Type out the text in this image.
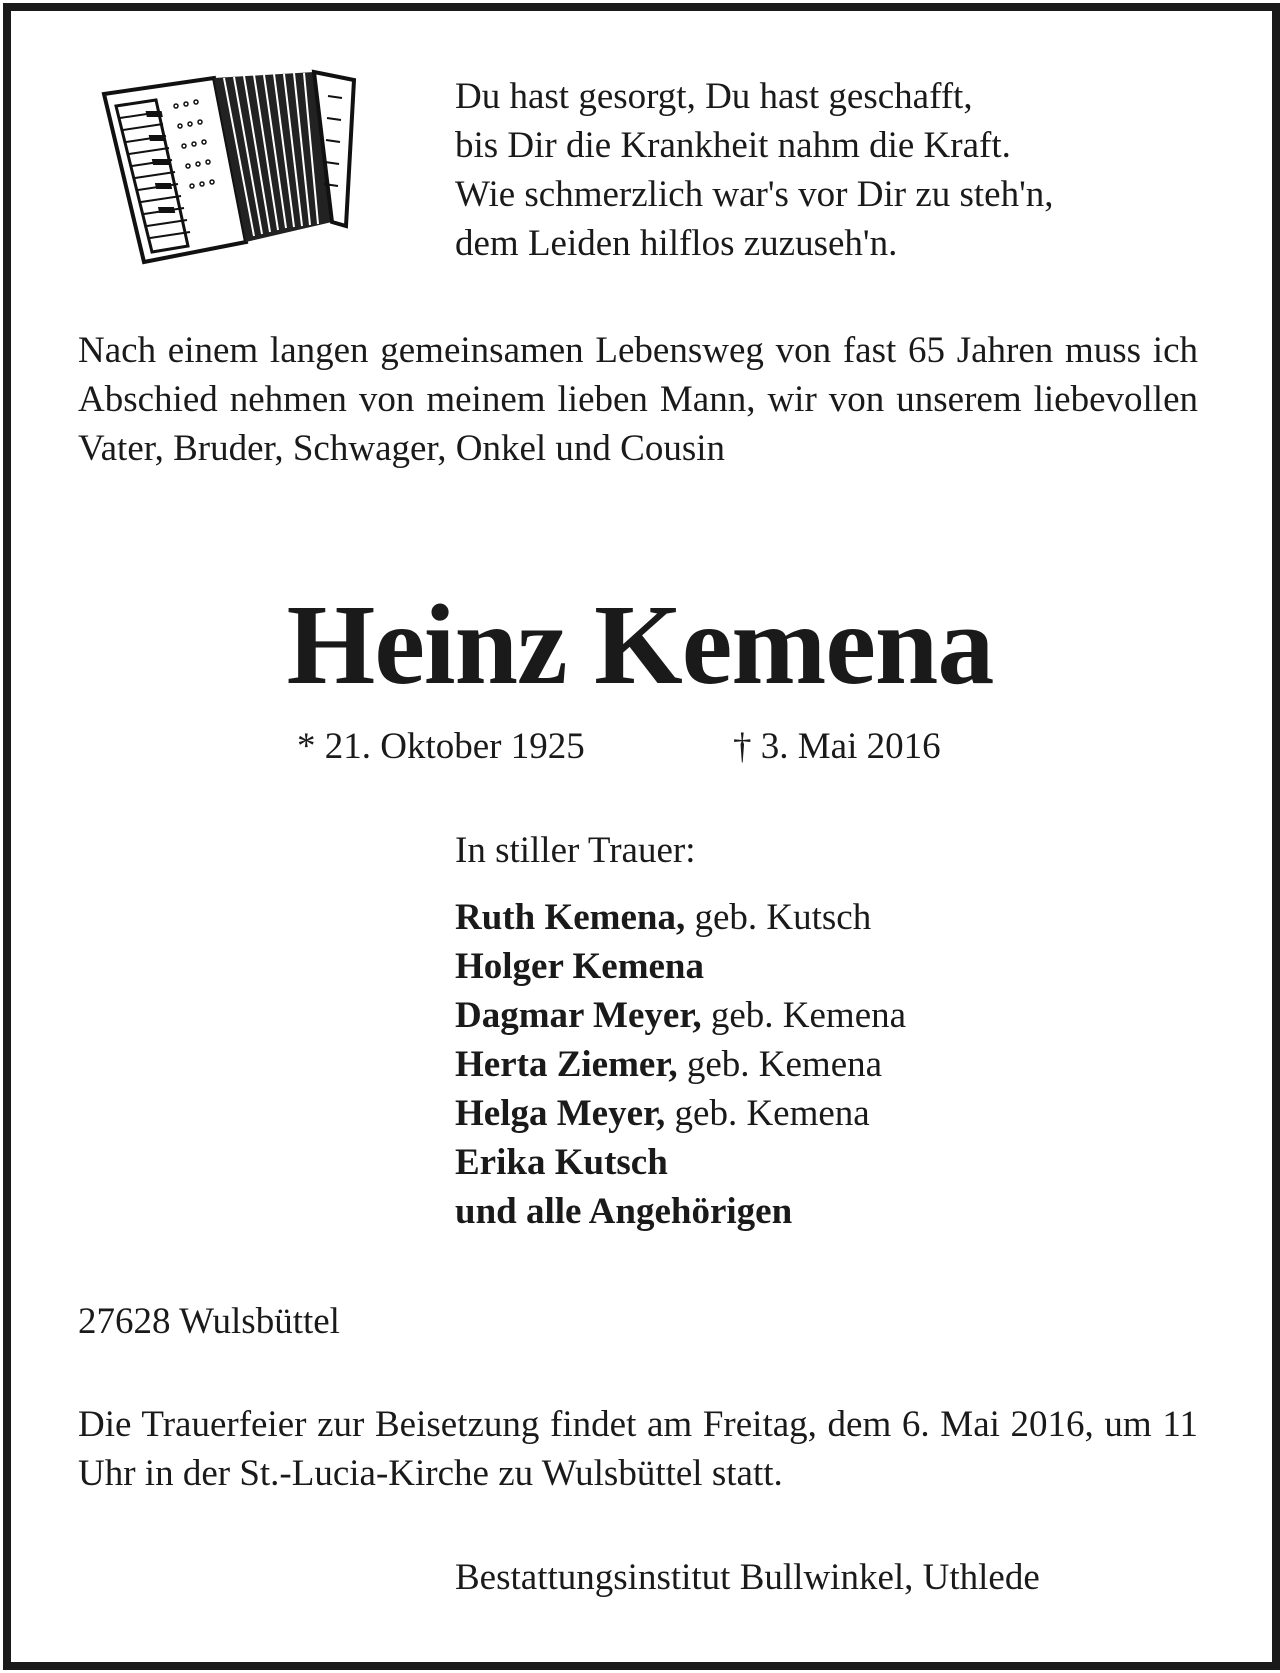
Du hast gesorgt, Du hast geschafft,
bis Dir die Krankheit nahm die Kraft.
Wie schmerzlich war's vor Dir zu steh'n,
dem Leiden hilflos zuzuseh'n.
Nach einem langen gemeinsamen Lebensweg von fast 65 Jahren muss ich Abschied nehmen von meinem lieben Mann, wir von unserem liebevollen Vater, Bruder, Schwager, Onkel und Cousin
Heinz Kemena
* 21. Oktober 1925	† 3. Mai 2016
In stiller Trauer:
Ruth Kemena, geb. Kutsch
Holger Kemena
Dagmar Meyer, geb. Kemena
Herta Ziemer, geb. Kemena
Helga Meyer, geb. Kemena
Erika Kutsch
und alle Angehörigen
27628 Wulsbüttel
Die Trauerfeier zur Beisetzung findet am Freitag, dem 6. Mai 2016, um 11 Uhr in der St.-Lucia-Kirche zu Wulsbüttel statt.
Bestattungsinstitut Bullwinkel, Uthlede
